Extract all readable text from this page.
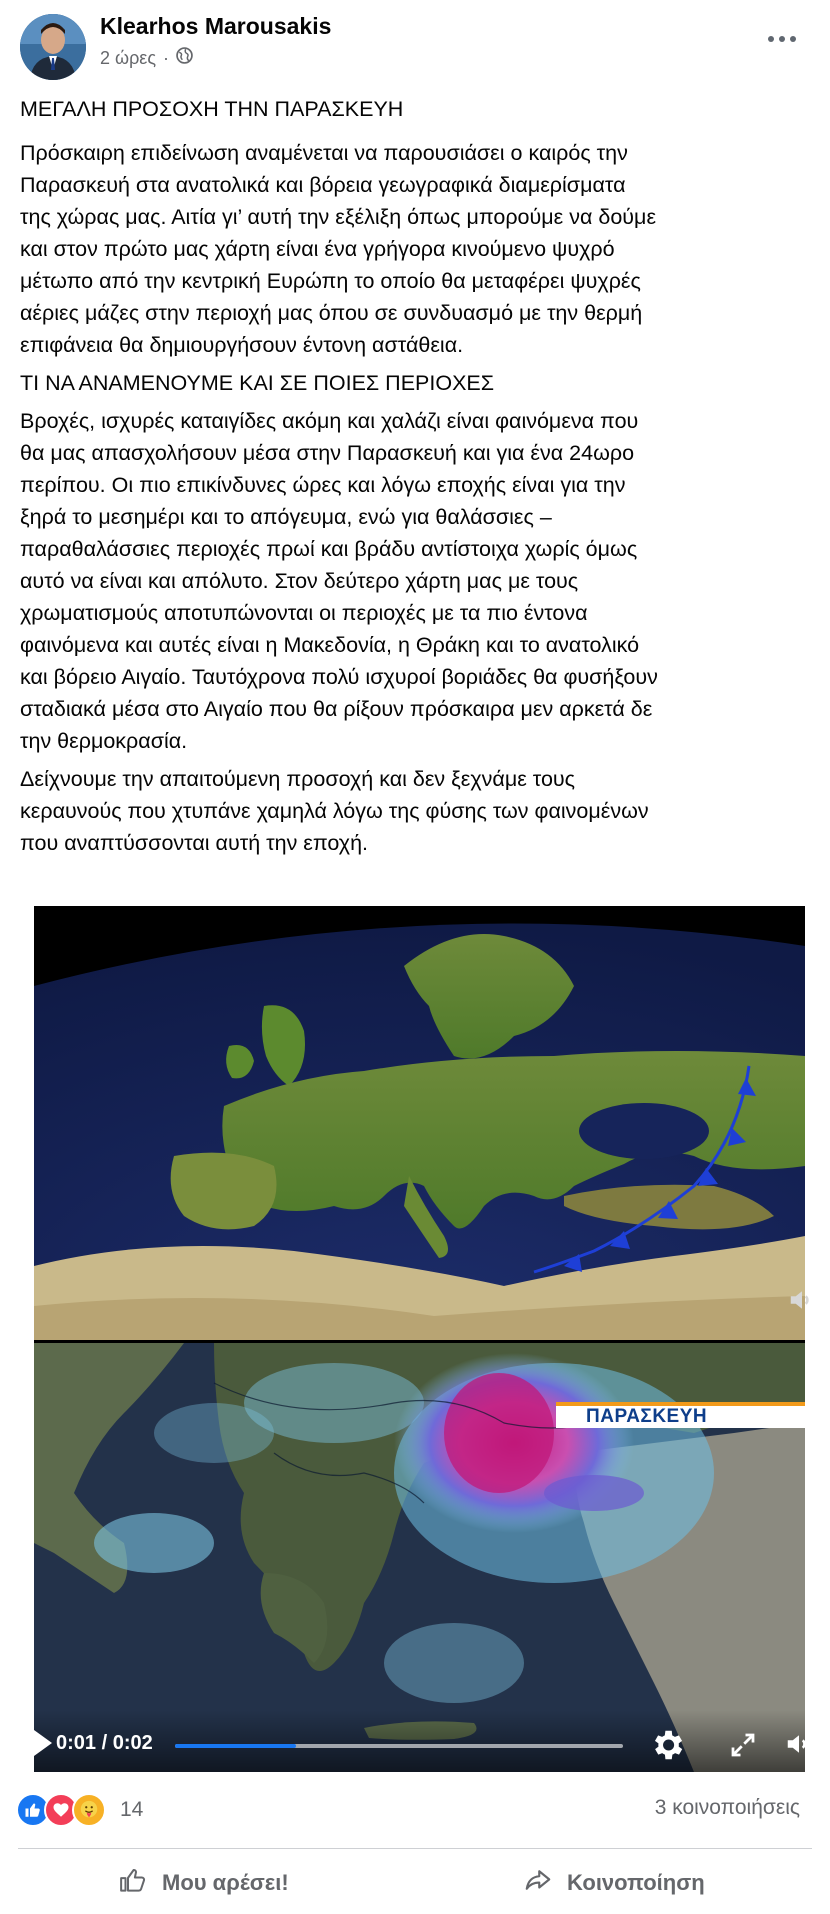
Klearhos Marousakis
2 ώρες ·

ΜΕΓΑΛΗ ΠΡΟΣΟΧΗ ΤΗΝ ΠΑΡΑΣΚΕΥΗ

Πρόσκαιρη επιδείνωση αναμένεται να παρουσιάσει ο καιρός την
Παρασκευή στα ανατολικά και βόρεια γεωγραφικά διαμερίσματα
της χώρας μας. Αιτία γι’ αυτή την εξέλιξη όπως μπορούμε να δούμε
και στον πρώτο μας χάρτη είναι ένα γρήγορα κινούμενο ψυχρό
μέτωπο από την κεντρική Ευρώπη το οποίο θα μεταφέρει ψυχρές
αέριες μάζες στην περιοχή μας όπου σε συνδυασμό με την θερμή
επιφάνεια θα δημιουργήσουν έντονη αστάθεια.

ΤΙ ΝΑ ΑΝΑΜΕΝΟΥΜΕ ΚΑΙ ΣΕ ΠΟΙΕΣ ΠΕΡΙΟΧΕΣ

Βροχές, ισχυρές καταιγίδες ακόμη και χαλάζι είναι φαινόμενα που
θα μας απασχολήσουν μέσα στην Παρασκευή και για ένα 24ωρο
περίπου. Οι πιο επικίνδυνες ώρες και λόγω εποχής είναι για την
ξηρά το μεσημέρι και το απόγευμα, ενώ για θαλάσσιες –
παραθαλάσσιες περιοχές πρωί και βράδυ αντίστοιχα χωρίς όμως
αυτό να είναι και απόλυτο. Στον δεύτερο χάρτη μας με τους
χρωματισμούς αποτυπώνονται οι περιοχές με τα πιο έντονα
φαινόμενα και αυτές είναι η Μακεδονία, η Θράκη και το ανατολικό
και βόρειο Αιγαίο. Ταυτόχρονα πολύ ισχυροί βοριάδες θα φυσήξουν
σταδιακά μέσα στο Αιγαίο που θα ρίξουν πρόσκαιρα μεν αρκετά δε
την θερμοκρασία.

Δείχνουμε την απαιτούμενη προσοχή και δεν ξεχνάμε τους
κεραυνούς που χτυπάνε χαμηλά λόγω της φύσης των φαινομένων
που αναπτύσσονται αυτή την εποχή.

ΠΑΡΑΣΚΕΥΗ
0:01 / 0:02
14	3 κοινοποιήσεις
Μου αρέσει!	Κοινοποίηση
